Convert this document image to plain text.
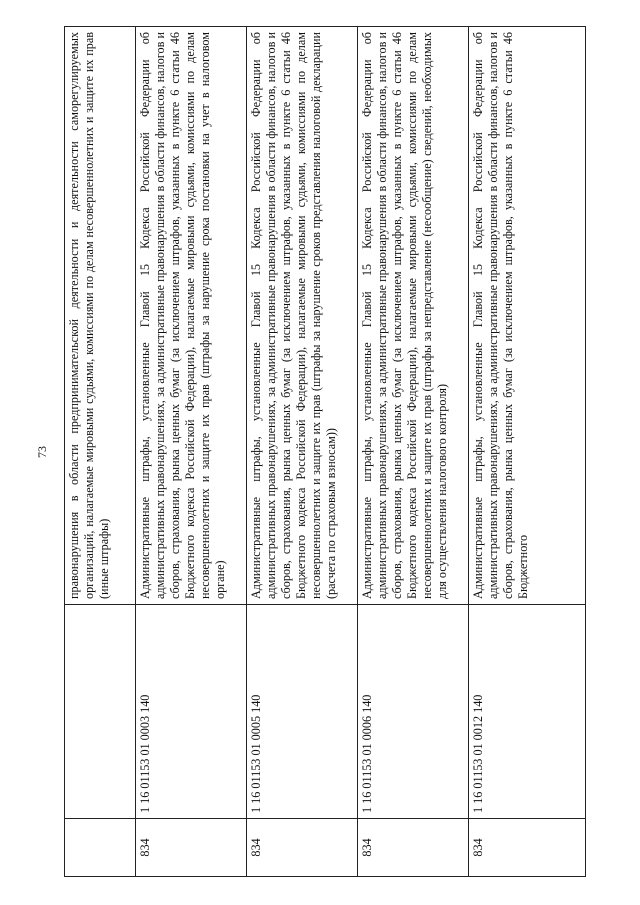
73
		правонарушения в области предпринимательской деятельности и деятельности саморегулируемых организаций, налагаемые мировыми судьями, комиссиями по делам несовершеннолетних и защите их прав (иные штрафы)
834	1 16 01153 01 0003 140	Административные штрафы, установленные Главой 15 Кодекса Российской Федерации об административных правонарушениях, за административные правонарушения в области финансов, налогов и сборов, страхования, рынка ценных бумаг (за исключением штрафов, указанных в пункте 6 статьи 46 Бюджетного кодекса Российской Федерации), налагаемые мировыми судьями, комиссиями по делам несовершеннолетних и защите их прав (штрафы за нарушение срока постановки на учет в налоговом органе)
834	1 16 01153 01 0005 140	Административные штрафы, установленные Главой 15 Кодекса Российской Федерации об административных правонарушениях, за административные правонарушения в области финансов, налогов и сборов, страхования, рынка ценных бумаг (за исключением штрафов, указанных в пункте 6 статьи 46 Бюджетного кодекса Российской Федерации), налагаемые мировыми судьями, комиссиями по делам несовершеннолетних и защите их прав (штрафы за нарушение сроков представления налоговой декларации (расчета по страховым взносам))
834	1 16 01153 01 0006 140	Административные штрафы, установленные Главой 15 Кодекса Российской Федерации об административных правонарушениях, за административные правонарушения в области финансов, налогов и сборов, страхования, рынка ценных бумаг (за исключением штрафов, указанных в пункте 6 статьи 46 Бюджетного кодекса Российской Федерации), налагаемые мировыми судьями, комиссиями по делам несовершеннолетних и защите их прав (штрафы за непредставление (несообщение) сведений, необходимых для осуществления налогового контроля)
834	1 16 01153 01 0012 140	Административные штрафы, установленные Главой 15 Кодекса Российской Федерации об административных правонарушениях, за административные правонарушения в области финансов, налогов и сборов, страхования, рынка ценных бумаг (за исключением штрафов, указанных в пункте 6 статьи 46 Бюджетного
